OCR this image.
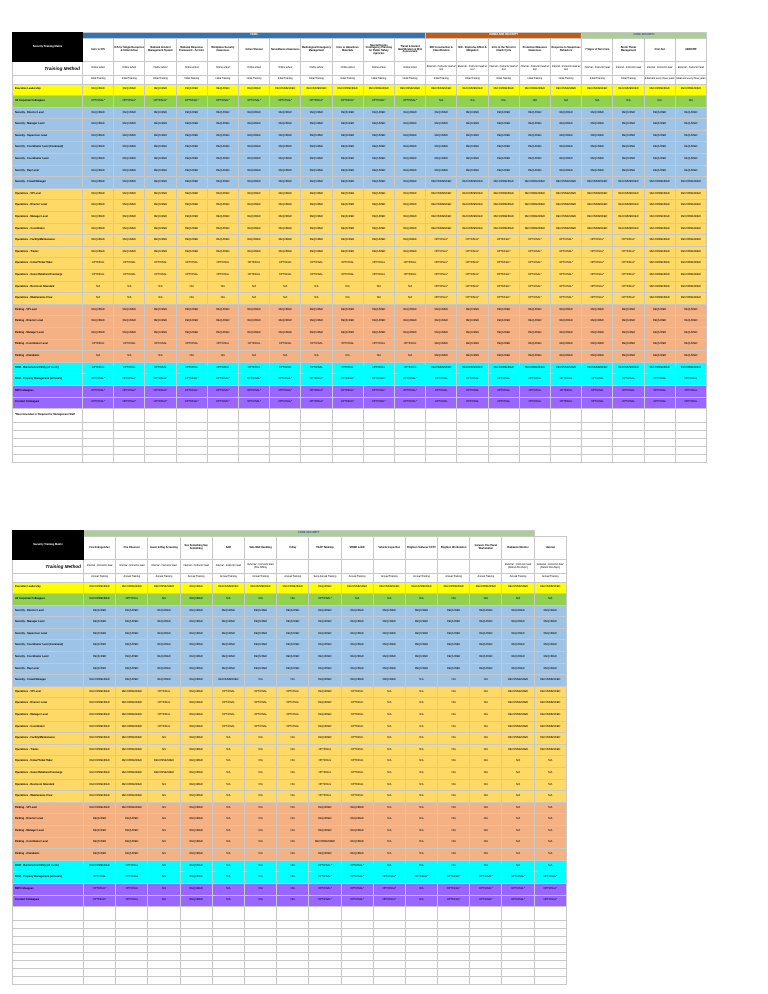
Security Training Matrix	FEMA											HOMELAND SECURITY					CORE SECURITY			
	Intro to ICS	ICS for Single Resources & Initial Action	National Incident Management System	National Response Framework - An Intro	Workplace Security Awareness	Active Shooter	Surveillance Awareness	Radiological Emergency Management	Intro to Hazardous Materials	Special Events Contingency Planning for Public Safety Agencies	Threat & Hazard Identification & Risk Assessment	IED Construction & Classification	IED - Explosive Effect & Mitigation	Intro to the Terrorist Attack Cycle	Protective Measures Awareness	Response to Suspicious Behaviors	7 Signs of Terrorism	Bomb Threat Management	First Aid	AED/CPR
Training Method	Online w/test	Online w/test	Online w/test	Online w/test	Online w/test	Online w/test	Online w/test	Online w/test	Online w/test	Online w/test	Online w/test	External - Instructor lead w/ test	External - Instructor lead w/ test	Internal - Instructor lead w/ test	Internal - Instructor lead w/ test	Internal - Instructor lead w/ test	Internal - Instructor lead	Internal - Instructor lead	Internal - Instructor lead	External - Instructor lead
	Initial Training	Initial Training	Initial Training	Initial Training	Initial Training	Initial Training	Initial Training	Initial Training	Initial Training	Initial Training	Initial Training	Initial Training	Initial Training	Initial Training	Initial Training	Initial Training	Initial Training	Initial Training	Initial and every three years	Initial and every three years
Executive Leadership	REQUIRED	REQUIRED	REQUIRED	REQUIRED	REQUIRED	REQUIRED	RECOMMENDED	RECOMMENDED	RECOMMENDED	RECOMMENDED	RECOMMENDED	RECOMMENDED	RECOMMENDED	RECOMMENDED	RECOMMENDED	RECOMMENDED	RECOMMENDED	RECOMMENDED	RECOMMENDED	RECOMMENDED
All Corporate Colleagues	OPTIONAL*	OPTIONAL*	OPTIONAL*	OPTIONAL*	OPTIONAL*	OPTIONAL*	OPTIONAL*	OPTIONAL*	OPTIONAL*	OPTIONAL*	OPTIONAL*	N/A	N/A	N/A	N/A	N/A	N/A	N/A	N/A	N/A
Security - Director Level	REQUIRED	REQUIRED	REQUIRED	REQUIRED	REQUIRED	REQUIRED	REQUIRED	REQUIRED	REQUIRED	REQUIRED	REQUIRED	REQUIRED	REQUIRED	REQUIRED	REQUIRED	REQUIRED	REQUIRED	REQUIRED	REQUIRED	REQUIRED
Security - Manager Level	REQUIRED	REQUIRED	REQUIRED	REQUIRED	REQUIRED	REQUIRED	REQUIRED	REQUIRED	REQUIRED	REQUIRED	REQUIRED	REQUIRED	REQUIRED	REQUIRED	REQUIRED	REQUIRED	REQUIRED	REQUIRED	REQUIRED	REQUIRED
Security - Supervisor Level	REQUIRED	REQUIRED	REQUIRED	REQUIRED	REQUIRED	REQUIRED	REQUIRED	REQUIRED	REQUIRED	REQUIRED	REQUIRED	REQUIRED	REQUIRED	REQUIRED	REQUIRED	REQUIRED	REQUIRED	REQUIRED	REQUIRED	REQUIRED
Security - Coordinator Level (Command)	REQUIRED	REQUIRED	REQUIRED	REQUIRED	REQUIRED	REQUIRED	REQUIRED	REQUIRED	REQUIRED	REQUIRED	REQUIRED	REQUIRED	REQUIRED	REQUIRED	REQUIRED	REQUIRED	REQUIRED	REQUIRED	REQUIRED	REQUIRED
Security - Coordinator Level	REQUIRED	REQUIRED	REQUIRED	REQUIRED	REQUIRED	REQUIRED	REQUIRED	REQUIRED	REQUIRED	REQUIRED	REQUIRED	REQUIRED	REQUIRED	REQUIRED	REQUIRED	REQUIRED	REQUIRED	REQUIRED	REQUIRED	REQUIRED
Security - Rep Level	REQUIRED	REQUIRED	REQUIRED	REQUIRED	REQUIRED	REQUIRED	REQUIRED	REQUIRED	REQUIRED	REQUIRED	REQUIRED	REQUIRED	REQUIRED	REQUIRED	REQUIRED	REQUIRED	REQUIRED	REQUIRED	REQUIRED	REQUIRED
Security - Crowd Manager	REQUIRED	REQUIRED	REQUIRED	REQUIRED	REQUIRED	REQUIRED	REQUIRED	REQUIRED	REQUIRED	REQUIRED	REQUIRED	RECOMMENDED	RECOMMENDED	RECOMMENDED	RECOMMENDED	RECOMMENDED	RECOMMENDED	RECOMMENDED	RECOMMENDED	RECOMMENDED
Operations - VP Level	REQUIRED	REQUIRED	REQUIRED	REQUIRED	REQUIRED	REQUIRED	REQUIRED	REQUIRED	REQUIRED	REQUIRED	REQUIRED	RECOMMENDED	RECOMMENDED	RECOMMENDED	RECOMMENDED	RECOMMENDED	RECOMMENDED	RECOMMENDED	RECOMMENDED	RECOMMENDED
Operations - Director Level	REQUIRED	REQUIRED	REQUIRED	REQUIRED	REQUIRED	REQUIRED	REQUIRED	REQUIRED	REQUIRED	REQUIRED	REQUIRED	RECOMMENDED	RECOMMENDED	RECOMMENDED	RECOMMENDED	RECOMMENDED	RECOMMENDED	RECOMMENDED	RECOMMENDED	RECOMMENDED
Operations - Manager Level	REQUIRED	REQUIRED	REQUIRED	REQUIRED	REQUIRED	REQUIRED	REQUIRED	REQUIRED	REQUIRED	REQUIRED	REQUIRED	RECOMMENDED	RECOMMENDED	RECOMMENDED	RECOMMENDED	RECOMMENDED	RECOMMENDED	RECOMMENDED	RECOMMENDED	RECOMMENDED
Operations - Coordinator	REQUIRED	REQUIRED	REQUIRED	REQUIRED	REQUIRED	REQUIRED	REQUIRED	REQUIRED	REQUIRED	REQUIRED	REQUIRED	RECOMMENDED	RECOMMENDED	RECOMMENDED	RECOMMENDED	RECOMMENDED	RECOMMENDED	RECOMMENDED	RECOMMENDED	RECOMMENDED
Operations - Facility/Maintenance	REQUIRED	REQUIRED	REQUIRED	REQUIRED	REQUIRED	REQUIRED	REQUIRED	REQUIRED	REQUIRED	REQUIRED	REQUIRED	OPTIONAL*	OPTIONAL*	OPTIONAL*	OPTIONAL*	OPTIONAL*	OPTIONAL*	OPTIONAL*	RECOMMENDED	RECOMMENDED
Operations - Trades	REQUIRED	REQUIRED	REQUIRED	REQUIRED	REQUIRED	REQUIRED	REQUIRED	REQUIRED	REQUIRED	REQUIRED	REQUIRED	OPTIONAL*	OPTIONAL*	OPTIONAL*	OPTIONAL*	OPTIONAL*	OPTIONAL*	OPTIONAL*	RECOMMENDED	RECOMMENDED
Operations - Usher/Ticket Taker	OPTIONAL	OPTIONAL	OPTIONAL	OPTIONAL	OPTIONAL	OPTIONAL	OPTIONAL	OPTIONAL	OPTIONAL	OPTIONAL	OPTIONAL	OPTIONAL*	OPTIONAL*	OPTIONAL*	OPTIONAL*	OPTIONAL*	OPTIONAL*	OPTIONAL*	RECOMMENDED	RECOMMENDED
Operations - Guest Relations/Concierge	OPTIONAL	OPTIONAL	OPTIONAL	OPTIONAL	OPTIONAL	OPTIONAL	OPTIONAL	OPTIONAL	OPTIONAL	OPTIONAL	OPTIONAL	OPTIONAL*	OPTIONAL*	OPTIONAL*	OPTIONAL*	OPTIONAL*	OPTIONAL*	OPTIONAL*	RECOMMENDED	RECOMMENDED
Operations - Restroom Attendant	N/A	N/A	N/A	N/A	N/A	N/A	N/A	N/A	N/A	N/A	N/A	OPTIONAL*	OPTIONAL*	OPTIONAL*	OPTIONAL*	OPTIONAL*	OPTIONAL*	OPTIONAL*	RECOMMENDED	RECOMMENDED
Operations - Maintenance Crew	N/A	N/A	N/A	N/A	N/A	N/A	N/A	N/A	N/A	N/A	N/A	OPTIONAL*	OPTIONAL*	OPTIONAL*	OPTIONAL*	OPTIONAL*	OPTIONAL*	OPTIONAL*	RECOMMENDED	RECOMMENDED
Parking - VP Level	REQUIRED	REQUIRED	REQUIRED	REQUIRED	REQUIRED	REQUIRED	REQUIRED	REQUIRED	REQUIRED	REQUIRED	REQUIRED	REQUIRED	REQUIRED	REQUIRED	REQUIRED	REQUIRED	REQUIRED	REQUIRED	REQUIRED	REQUIRED
Parking - Director Level	REQUIRED	REQUIRED	REQUIRED	REQUIRED	REQUIRED	REQUIRED	REQUIRED	REQUIRED	REQUIRED	REQUIRED	REQUIRED	REQUIRED	REQUIRED	REQUIRED	REQUIRED	REQUIRED	REQUIRED	REQUIRED	REQUIRED	REQUIRED
Parking - Manager Level	REQUIRED	REQUIRED	REQUIRED	REQUIRED	REQUIRED	REQUIRED	REQUIRED	REQUIRED	REQUIRED	REQUIRED	REQUIRED	REQUIRED	REQUIRED	REQUIRED	REQUIRED	REQUIRED	REQUIRED	REQUIRED	REQUIRED	REQUIRED
Parking - Coordinator Level	OPTIONAL	OPTIONAL	OPTIONAL	OPTIONAL	OPTIONAL	OPTIONAL	OPTIONAL	OPTIONAL	OPTIONAL	OPTIONAL	OPTIONAL	REQUIRED	REQUIRED	REQUIRED	REQUIRED	REQUIRED	REQUIRED	REQUIRED	REQUIRED	REQUIRED
Parking - Attendants	N/A	N/A	N/A	N/A	N/A	N/A	N/A	N/A	N/A	N/A	N/A	REQUIRED	REQUIRED	REQUIRED	REQUIRED	REQUIRED	REQUIRED	REQUIRED	REQUIRED	REQUIRED
BOM - Maintenance/Utility (all levels)	OPTIONAL	OPTIONAL	OPTIONAL	OPTIONAL	OPTIONAL	OPTIONAL	OPTIONAL	OPTIONAL	OPTIONAL	OPTIONAL	OPTIONAL	RECOMMENDED	RECOMMENDED	RECOMMENDED	RECOMMENDED	RECOMMENDED	RECOMMENDED	RECOMMENDED	RECOMMENDED	RECOMMENDED
BOM - Property Management (all levels)	OPTIONAL*	OPTIONAL*	OPTIONAL*	OPTIONAL*	OPTIONAL*	OPTIONAL*	OPTIONAL*	OPTIONAL*	OPTIONAL*	OPTIONAL*	OPTIONAL*	OPTIONAL	OPTIONAL	OPTIONAL	OPTIONAL	OPTIONAL	OPTIONAL	OPTIONAL	OPTIONAL	OPTIONAL
BMI Colleagues	OPTIONAL*	OPTIONAL*	OPTIONAL*	OPTIONAL*	OPTIONAL*	OPTIONAL*	OPTIONAL*	OPTIONAL*	OPTIONAL*	OPTIONAL*	OPTIONAL*	OPTIONAL	OPTIONAL	OPTIONAL	OPTIONAL	OPTIONAL	OPTIONAL	OPTIONAL	OPTIONAL	OPTIONAL
Contract Colleagues	OPTIONAL*	OPTIONAL*	OPTIONAL*	OPTIONAL*	OPTIONAL*	OPTIONAL*	OPTIONAL*	OPTIONAL*	OPTIONAL*	OPTIONAL*	OPTIONAL*	OPTIONAL	OPTIONAL	OPTIONAL	OPTIONAL	OPTIONAL	OPTIONAL	OPTIONAL	OPTIONAL	OPTIONAL
*Recommended or Required for Management Staff																				

Security Training Matrix	CORE SECURITY														
	Fire Extinguisher	Fire Observer	Guest & Bag Screening	See Something Say Something	SAR	Safe Wall Handling	X-Ray	TEAP Tabletop	VBIED & IED	Vehicle Inspection	Brighton Softener CCTV	Brighton Workstation	Genesis Fire Panel Workstation	Radiation Monitor	Hazmat
Training Method	Internal - Instructor lead	Internal - Instructor lead	Internal - Instructor lead	Internal - Instructor lead	Internal - Instructor lead	External - Instructor lead (Fire Office)								External - Instructor lead (Detroit Fire Dept.)	External - Instructor lead (Detroit Fire Dept.)
	Annual Training	Annual Training	Annual Training	Annual Training	Annual Training	Annual Training	Annual Training	Semi-Annual Training	Annual Training	Annual Training	Annual Training	Annual Training	Annual Training	Annual Training	Annual Training
Executive Leadership	RECOMMENDED	RECOMMENDED	RECOMMENDED	REQUIRED	RECOMMENDED	RECOMMENDED	RECOMMENDED	REQUIRED	RECOMMENDED	RECOMMENDED	RECOMMENDED	RECOMMENDED	RECOMMENDED	RECOMMENDED	RECOMMENDED
All Corporate Colleagues	RECOMMENDED	OPTIONAL	N/A	REQUIRED	N/A	N/A	N/A	OPTIONAL*	N/A	N/A	N/A	N/A	N/A	N/A	N/A
Security - Director Level	REQUIRED	REQUIRED	REQUIRED	REQUIRED	REQUIRED	REQUIRED	REQUIRED	REQUIRED	REQUIRED	REQUIRED	REQUIRED	REQUIRED	REQUIRED	REQUIRED	REQUIRED
Security - Manager Level	REQUIRED	REQUIRED	REQUIRED	REQUIRED	REQUIRED	REQUIRED	REQUIRED	REQUIRED	REQUIRED	REQUIRED	REQUIRED	REQUIRED	REQUIRED	REQUIRED	REQUIRED
Security - Supervisor Level	REQUIRED	REQUIRED	REQUIRED	REQUIRED	REQUIRED	REQUIRED	REQUIRED	REQUIRED	REQUIRED	REQUIRED	REQUIRED	REQUIRED	REQUIRED	REQUIRED	REQUIRED
Security - Coordinator Level (Command)	REQUIRED	REQUIRED	REQUIRED	REQUIRED	REQUIRED	REQUIRED	REQUIRED	REQUIRED	REQUIRED	REQUIRED	REQUIRED	REQUIRED	REQUIRED	REQUIRED	REQUIRED
Security - Coordinator Level	REQUIRED	REQUIRED	REQUIRED	REQUIRED	REQUIRED	REQUIRED	REQUIRED	REQUIRED	REQUIRED	REQUIRED	REQUIRED	REQUIRED	REQUIRED	REQUIRED	REQUIRED
Security - Rep Level	REQUIRED	REQUIRED	REQUIRED	REQUIRED	REQUIRED	REQUIRED	REQUIRED	REQUIRED	REQUIRED	REQUIRED	REQUIRED	REQUIRED	REQUIRED	REQUIRED	REQUIRED
Security - Crowd Manager	RECOMMENDED	REQUIRED	REQUIRED	REQUIRED	RECOMMENDED	N/A	N/A	REQUIRED	REQUIRED	REQUIRED	N/A	N/A	N/A	RECOMMENDED	RECOMMENDED
Operations - VP Level	RECOMMENDED	RECOMMENDED	OPTIONAL	REQUIRED	OPTIONAL	OPTIONAL	OPTIONAL	REQUIRED	OPTIONAL	N/A	N/A	N/A	N/A	RECOMMENDED	RECOMMENDED
Operations - Director Level	RECOMMENDED	RECOMMENDED	OPTIONAL	REQUIRED	OPTIONAL	OPTIONAL	OPTIONAL	REQUIRED	OPTIONAL	N/A	N/A	N/A	N/A	RECOMMENDED	RECOMMENDED
Operations - Manager Level	RECOMMENDED	RECOMMENDED	OPTIONAL	REQUIRED	OPTIONAL	OPTIONAL	OPTIONAL	REQUIRED	OPTIONAL	N/A	N/A	N/A	N/A	RECOMMENDED	RECOMMENDED
Operations - Coordinator	RECOMMENDED	RECOMMENDED	OPTIONAL	REQUIRED	OPTIONAL	OPTIONAL	OPTIONAL	REQUIRED	OPTIONAL	N/A	N/A	N/A	N/A	RECOMMENDED	RECOMMENDED
Operations - Facility/Maintenance	RECOMMENDED	RECOMMENDED	N/A	REQUIRED	N/A	N/A	N/A	REQUIRED	OPTIONAL	N/A	N/A	N/A	N/A	RECOMMENDED	RECOMMENDED
Operations - Trades	RECOMMENDED	RECOMMENDED	N/A	REQUIRED	N/A	N/A	N/A	OPTIONAL	OPTIONAL	N/A	N/A	N/A	N/A	RECOMMENDED	RECOMMENDED
Operations - Usher/Ticket Taker	RECOMMENDED	RECOMMENDED	RECOMMENDED	REQUIRED	N/A	N/A	N/A	OPTIONAL	OPTIONAL	N/A	N/A	N/A	N/A	N/A	N/A
Operations - Guest Relations/Concierge	RECOMMENDED	RECOMMENDED	RECOMMENDED	REQUIRED	N/A	N/A	N/A	OPTIONAL	OPTIONAL	N/A	N/A	N/A	N/A	N/A	N/A
Operations - Restroom Attendant	RECOMMENDED	RECOMMENDED	N/A	REQUIRED	N/A	N/A	N/A	OPTIONAL	OPTIONAL	N/A	N/A	N/A	N/A	N/A	N/A
Operations - Maintenance Crew	RECOMMENDED	RECOMMENDED	N/A	REQUIRED	N/A	N/A	N/A	OPTIONAL	OPTIONAL	N/A	N/A	N/A	N/A	N/A	N/A
Parking - VP Level	RECOMMENDED	RECOMMENDED	N/A	REQUIRED	N/A	N/A	N/A	REQUIRED	REQUIRED	N/A	N/A	N/A	N/A	N/A	N/A
Parking - Director Level	REQUIRED	REQUIRED	N/A	REQUIRED	N/A	N/A	N/A	REQUIRED	REQUIRED	N/A	N/A	N/A	N/A	N/A	N/A
Parking - Manager Level	REQUIRED	REQUIRED	N/A	REQUIRED	N/A	N/A	N/A	REQUIRED	REQUIRED	N/A	N/A	N/A	N/A	N/A	N/A
Parking - Coordinator Level	REQUIRED	REQUIRED	N/A	REQUIRED	N/A	N/A	N/A	RECOMMENDED	REQUIRED	N/A	N/A	N/A	N/A	N/A	N/A
Parking - Attendants	REQUIRED	REQUIRED	N/A	REQUIRED	N/A	N/A	N/A	REQUIRED	REQUIRED	N/A	N/A	N/A	N/A	N/A	N/A
BOM - Maintenance/Utility (all levels)	RECOMMENDED	OPTIONAL	N/A	REQUIRED	N/A	N/A	N/A	OPTIONAL*	OPTIONAL*	N/A	N/A	N/A	N/A	N/A	N/A
BOM - Property Management (all levels)	OPTIONAL	OPTIONAL	N/A	REQUIRED	N/A	N/A	N/A	OPTIONAL*	OPTIONAL*	OPTIONAL*	OPTIONAL*	OPTIONAL*	OPTIONAL*	OPTIONAL*	OPTIONAL*
BMI Colleagues	OPTIONAL*	OPTIONAL	N/A	REQUIRED	N/A	N/A	N/A	OPTIONAL*	OPTIONAL*	OPTIONAL*	N/A	OPTIONAL*	OPTIONAL*	OPTIONAL*	OPTIONAL*
Contract Colleagues	OPTIONAL*	OPTIONAL	N/A	REQUIRED	N/A	N/A	N/A	OPTIONAL*	OPTIONAL*	OPTIONAL*	N/A	OPTIONAL*	OPTIONAL*	OPTIONAL*	OPTIONAL*
